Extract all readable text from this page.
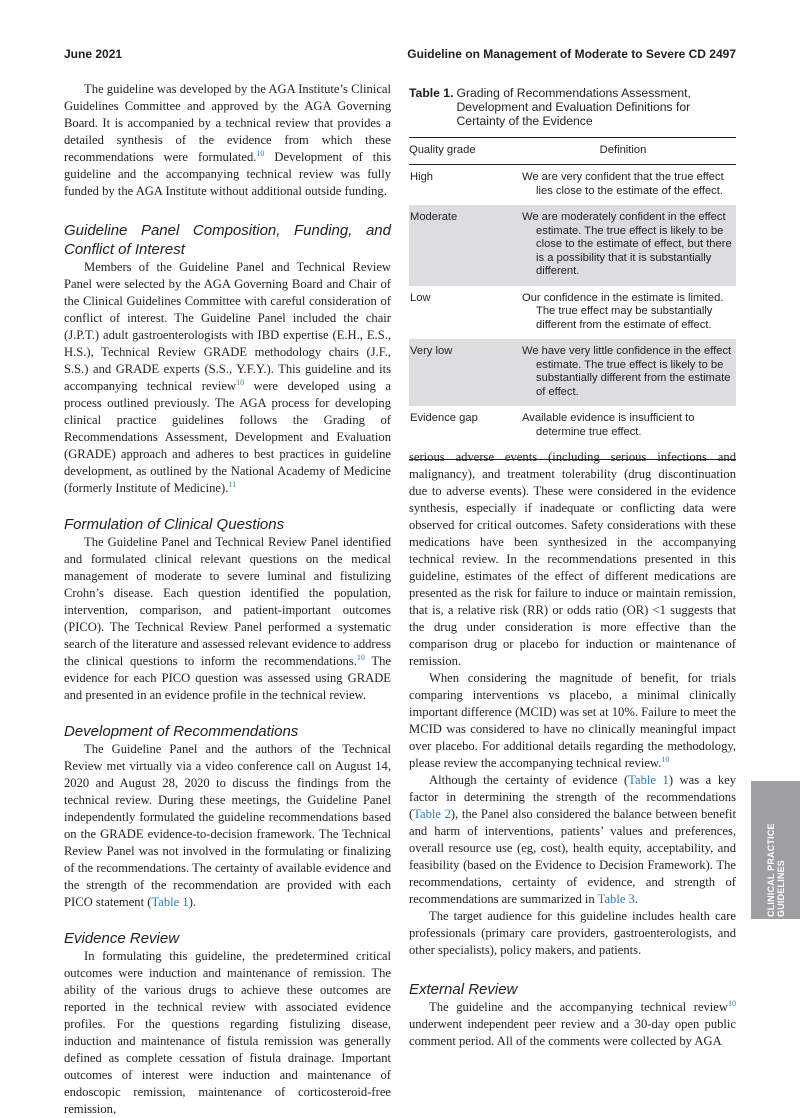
June 2021	Guideline on Management of Moderate to Severe CD 2497

The guideline was developed by the AGA Institute’s Clinical Guidelines Committee and approved by the AGA Governing Board. It is accompanied by a technical review that provides a detailed synthesis of the evidence from which these recommendations were formulated.$^{10}$ Development of this guideline and the accompanying technical review was fully funded by the AGA Institute without additional outside funding.

Guideline Panel Composition, Funding, and Conflict of Interest

Members of the Guideline Panel and Technical Review Panel were selected by the AGA Governing Board and Chair of the Clinical Guidelines Committee with careful consideration of conflict of interest. The Guideline Panel included the chair (J.P.T.) adult gastroenterologists with IBD expertise (E.H., E.S., H.S.), Technical Review GRADE methodology chairs (J.F., S.S.) and GRADE experts (S.S., Y.F.Y.). This guideline and its accompanying technical review$^{10}$ were developed using a process outlined previously. The AGA process for developing clinical practice guidelines follows the Grading of Recommendations Assessment, Development and Evaluation (GRADE) approach and adheres to best practices in guideline development, as outlined by the National Academy of Medicine (formerly Institute of Medicine).$^{11}$

Formulation of Clinical Questions

The Guideline Panel and Technical Review Panel identified and formulated clinical relevant questions on the medical management of moderate to severe luminal and fistulizing Crohn’s disease. Each question identified the population, intervention, comparison, and patient-important outcomes (PICO). The Technical Review Panel performed a systematic search of the literature and assessed relevant evidence to address the clinical questions to inform the recommendations.$^{10}$ The evidence for each PICO question was assessed using GRADE and presented in an evidence profile in the technical review.

Development of Recommendations

The Guideline Panel and the authors of the Technical Review met virtually via a video conference call on August 14, 2020 and August 28, 2020 to discuss the findings from the technical review. During these meetings, the Guideline Panel independently formulated the guideline recommendations based on the GRADE evidence-to-decision framework. The Technical Review Panel was not involved in the formulating or finalizing of the recommendations. The certainty of available evidence and the strength of the recommendation are provided with each PICO statement (Table 1).

Evidence Review

In formulating this guideline, the predetermined critical outcomes were induction and maintenance of remission. The ability of the various drugs to achieve these outcomes are reported in the technical review with associated evidence profiles. For the questions regarding fistulizing disease, induction and maintenance of fistula remission was generally defined as complete cessation of fistula drainage. Important outcomes of interest were induction and maintenance of endoscopic remission, maintenance of corticosteroid-free remission,

Table 1. Grading of Recommendations Assessment, Development and Evaluation Definitions for Certainty of the Evidence
Quality grade	Definition
High	We are very confident that the true effect lies close to the estimate of the effect.

Moderate	We are moderately confident in the effect estimate. The true effect is likely to be close to the estimate of effect, but there is a possibility that it is substantially different.

Low	Our confidence in the estimate is limited. The true effect may be substantially different from the estimate of effect.

Very low	We have very little confidence in the effect estimate. The true effect is likely to be substantially different from the estimate of effect.

Evidence gap	Available evidence is insufficient to determine true effect.

serious adverse events (including serious infections and malignancy), and treatment tolerability (drug discontinuation due to adverse events). These were considered in the evidence synthesis, especially if inadequate or conflicting data were observed for critical outcomes. Safety considerations with these medications have been synthesized in the accompanying technical review. In the recommendations presented in this guideline, estimates of the effect of different medications are presented as the risk for failure to induce or maintain remission, that is, a relative risk (RR) or odds ratio (OR) <1 suggests that the drug under consideration is more effective than the comparison drug or placebo for induction or maintenance of remission.

When considering the magnitude of benefit, for trials comparing interventions vs placebo, a minimal clinically important difference (MCID) was set at 10%. Failure to meet the MCID was considered to have no clinically meaningful impact over placebo. For additional details regarding the methodology, please review the accompanying technical review.$^{10}$

Although the certainty of evidence (Table 1) was a key factor in determining the strength of the recommendations (Table 2), the Panel also considered the balance between benefit and harm of interventions, patients’ values and preferences, overall resource use (eg, cost), health equity, acceptability, and feasibility (based on the Evidence to Decision Framework). The recommendations, certainty of evidence, and strength of recommendations are summarized in Table 3.

The target audience for this guideline includes health care professionals (primary care providers, gastroenterologists, and other specialists), policy makers, and patients.

External Review

The guideline and the accompanying technical review$^{10}$ underwent independent peer review and a 30-day open public comment period. All of the comments were collected by AGA

CLINICAL PRACTICE GUIDELINES
